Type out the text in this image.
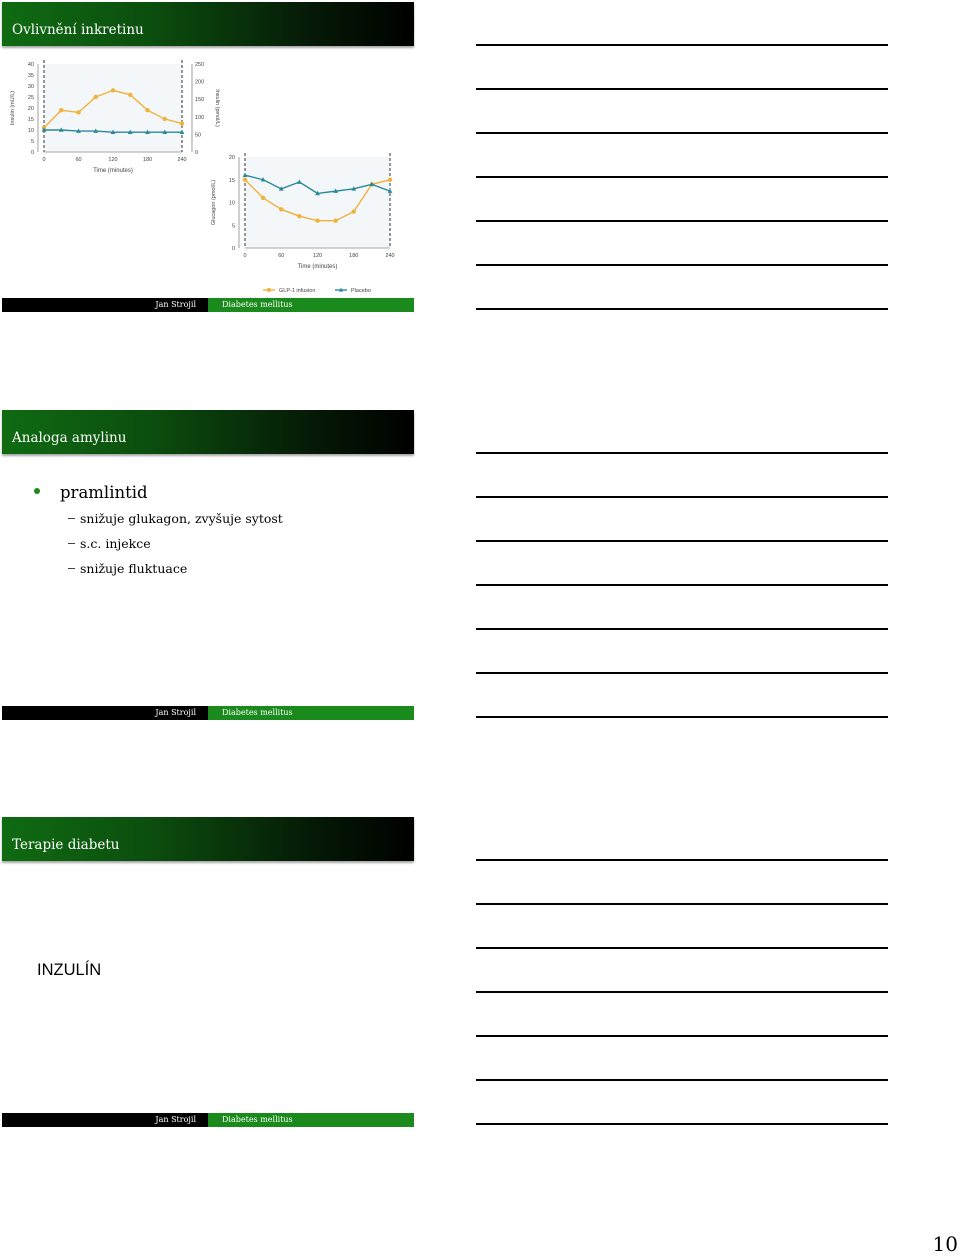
Ovlivnění inkretinu
0
5
10
15
20
25
30
35
40
0
50
100
150
200
250
Insulin (pmol/L)
0	60	120	180	240
Time (minutes)
Insulin (mU/L)
0
5
10
15
20
0	60	120	180	240
Time (minutes)
Glucagon (pmol/L)
GLP-1 infusion	Placebo
Jan Strojil	Diabetes mellitus
Analoga amylinu
pramlintid
snižuje glukagon, zvyšuje sytost
s.c. injekce
snižuje fluktuace
Jan Strojil	Diabetes mellitus
Terapie diabetu
INZULÍN
Jan Strojil	Diabetes mellitus
10
